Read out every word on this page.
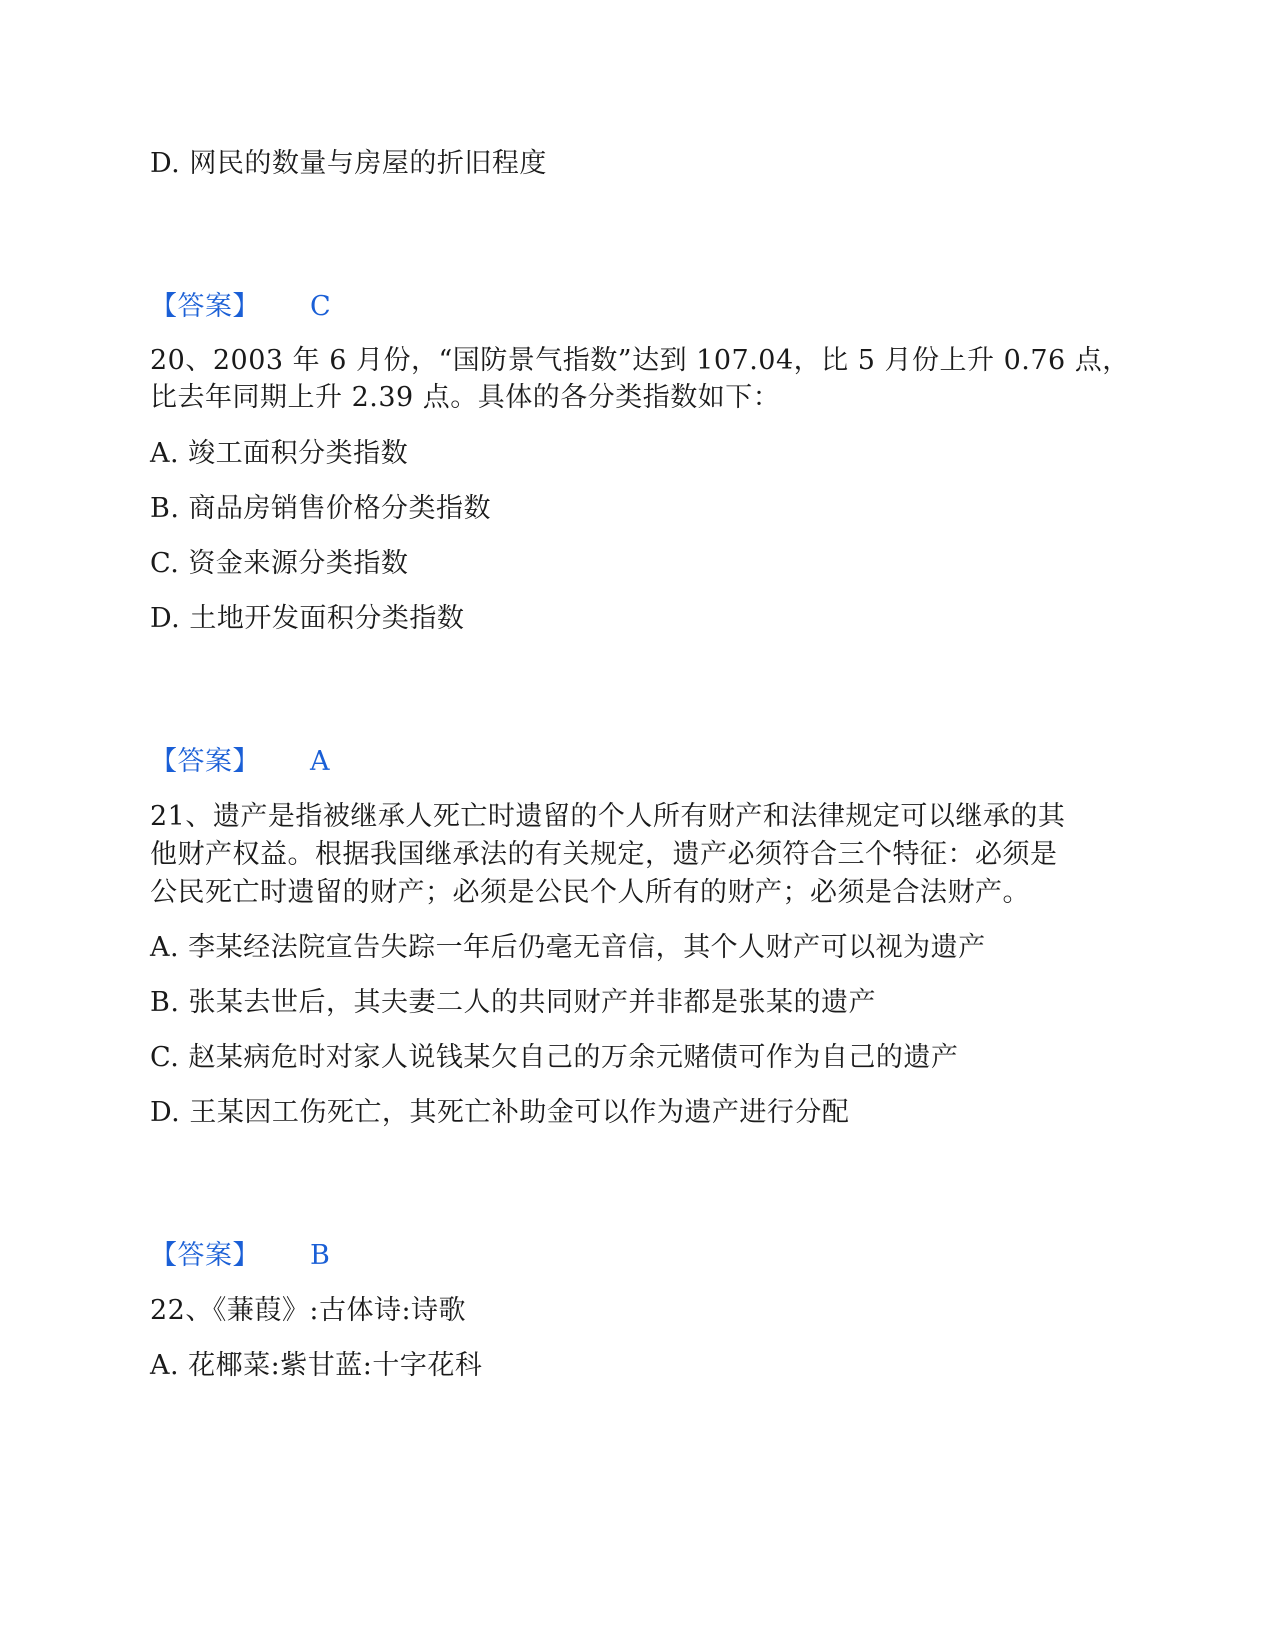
D. 网民的数量与房屋的折旧程度
【答案】 C
20、2003 年 6 月份，“国防景气指数”达到 107.04，比 5 月份上升 0.76 点，
比去年同期上升 2.39 点。具体的各分类指数如下：
A. 竣工面积分类指数
B. 商品房销售价格分类指数
C. 资金来源分类指数
D. 土地开发面积分类指数
【答案】 A
21、遗产是指被继承人死亡时遗留的个人所有财产和法律规定可以继承的其
他财产权益。根据我国继承法的有关规定，遗产必须符合三个特征：必须是
公民死亡时遗留的财产；必须是公民个人所有的财产；必须是合法财产。
A. 李某经法院宣告失踪一年后仍毫无音信，其个人财产可以视为遗产
B. 张某去世后，其夫妻二人的共同财产并非都是张某的遗产
C. 赵某病危时对家人说钱某欠自己的万余元赌债可作为自己的遗产
D. 王某因工伤死亡，其死亡补助金可以作为遗产进行分配
【答案】 B
22、《蒹葭》:古体诗:诗歌
A. 花椰菜:紫甘蓝:十字花科
